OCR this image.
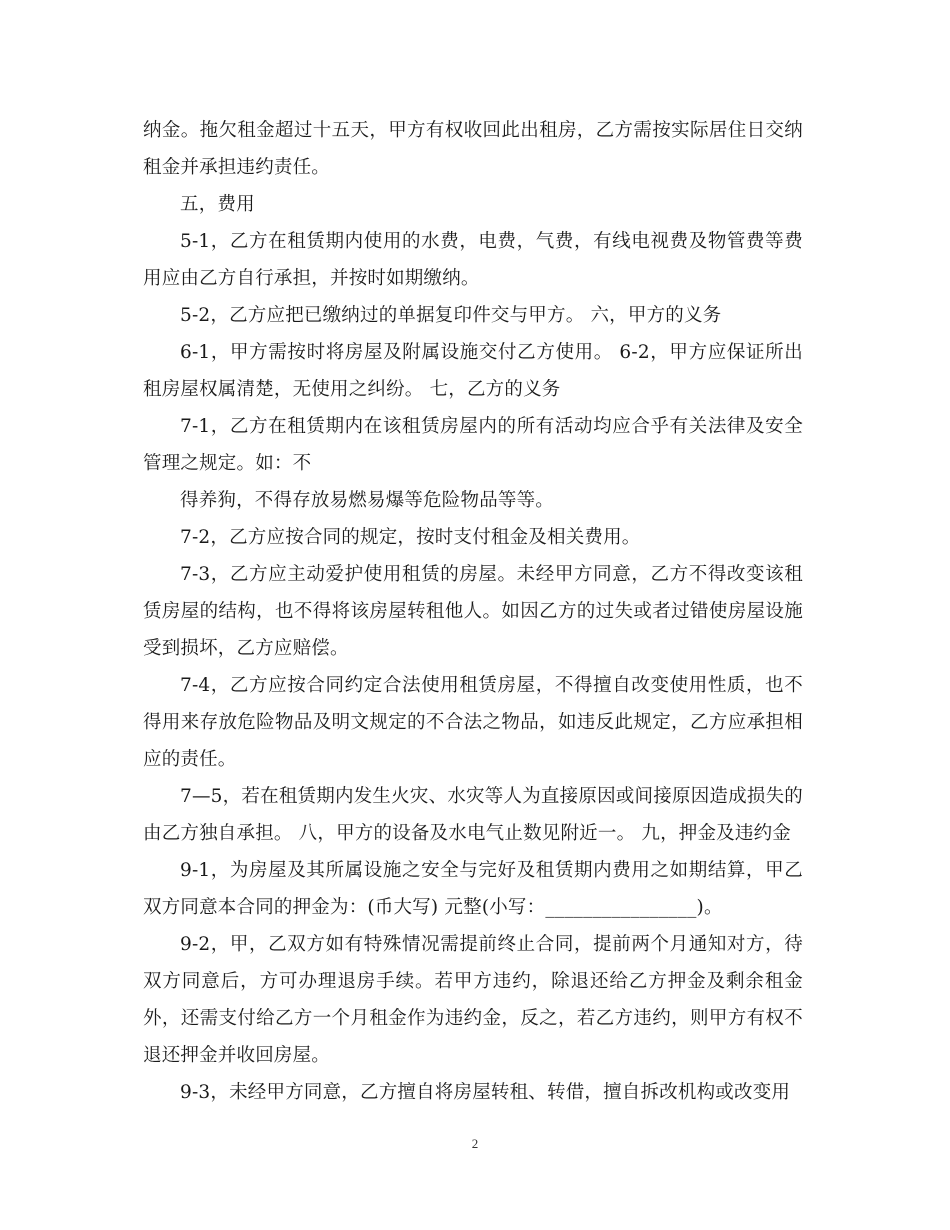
纳金。拖欠租金超过十五天，甲方有权收回此出租房，乙方需按实际居住日交纳租金并承担违约责任。

五，费用

5-1，乙方在租赁期内使用的水费，电费，气费，有线电视费及物管费等费用应由乙方自行承担，并按时如期缴纳。

5-2，乙方应把已缴纳过的单据复印件交与甲方。 六，甲方的义务

6-1，甲方需按时将房屋及附属设施交付乙方使用。 6-2，甲方应保证所出租房屋权属清楚，无使用之纠纷。 七，乙方的义务

7-1，乙方在租赁期内在该租赁房屋内的所有活动均应合乎有关法律及安全管理之规定。如：不

得养狗，不得存放易燃易爆等危险物品等等。

7-2，乙方应按合同的规定，按时支付租金及相关费用。

7-3，乙方应主动爱护使用租赁的房屋。未经甲方同意，乙方不得改变该租赁房屋的结构，也不得将该房屋转租他人。如因乙方的过失或者过错使房屋设施受到损坏，乙方应赔偿。

7-4，乙方应按合同约定合法使用租赁房屋，不得擅自改变使用性质，也不得用来存放危险物品及明文规定的不合法之物品，如违反此规定，乙方应承担相应的责任。

7—5，若在租赁期内发生火灾、水灾等人为直接原因或间接原因造成损失的由乙方独自承担。 八，甲方的设备及水电气止数见附近一。 九，押金及违约金

9-1，为房屋及其所属设施之安全与完好及租赁期内费用之如期结算，甲乙双方同意本合同的押金为：(币大写) 元整(小写：________________)。

9-2，甲，乙双方如有特殊情况需提前终止合同，提前两个月通知对方，待双方同意后，方可办理退房手续。若甲方违约，除退还给乙方押金及剩余租金外，还需支付给乙方一个月租金作为违约金，反之，若乙方违约，则甲方有权不退还押金并收回房屋。

9-3，未经甲方同意，乙方擅自将房屋转租、转借，擅自拆改机构或改变用

2
